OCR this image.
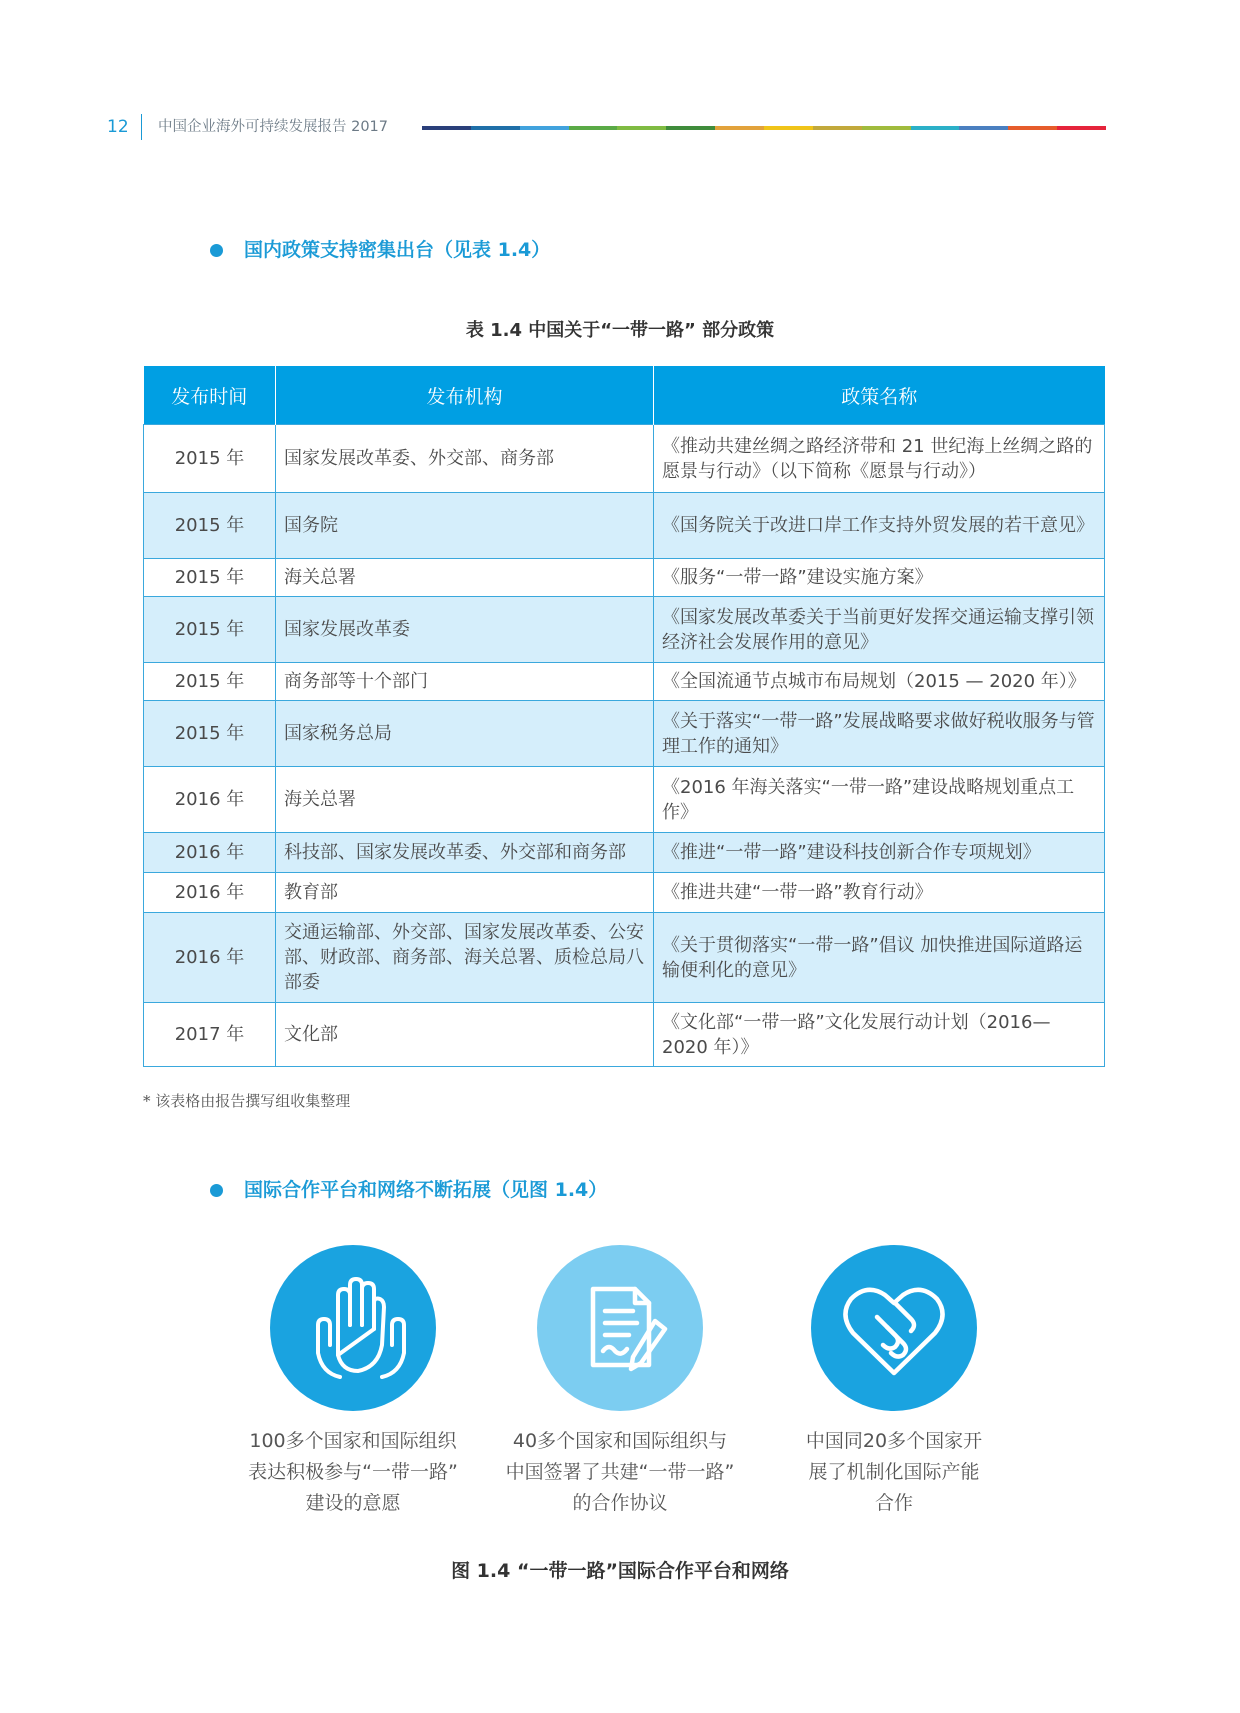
12 中国企业海外可持续发展报告 2017
国内政策支持密集出台（见表 1.4）
表 1.4 中国关于“一带一路” 部分政策
发布时间	发布机构	政策名称
2015 年	国家发展改革委、外交部、商务部	《推动共建丝绸之路经济带和 21 世纪海上丝绸之路的愿景与行动》（以下简称《愿景与行动》）
2015 年	国务院	《国务院关于改进口岸工作支持外贸发展的若干意见》
2015 年	海关总署	《服务“一带一路”建设实施方案》
2015 年	国家发展改革委	《国家发展改革委关于当前更好发挥交通运输支撑引领经济社会发展作用的意见》
2015 年	商务部等十个部门	《全国流通节点城市布局规划（2015 — 2020 年）》
2015 年	国家税务总局	《关于落实“一带一路”发展战略要求做好税收服务与管理工作的通知》
2016 年	海关总署	《2016 年海关落实“一带一路”建设战略规划重点工作》
2016 年	科技部、国家发展改革委、外交部和商务部	《推进“一带一路”建设科技创新合作专项规划》
2016 年	教育部	《推进共建“一带一路”教育行动》
2016 年	交通运输部、外交部、国家发展改革委、公安部、财政部、商务部、海关总署、质检总局八部委	《关于贯彻落实“一带一路”倡议 加快推进国际道路运输便利化的意见》
2017 年	文化部	《文化部“一带一路”文化发展行动计划（2016—2020 年）》
* 该表格由报告撰写组收集整理
国际合作平台和网络不断拓展（见图 1.4）
100多个国家和国际组织
表达积极参与“一带一路”
建设的意愿
40多个国家和国际组织与
中国签署了共建“一带一路”
的合作协议
中国同20多个国家开
展了机制化国际产能
合作
图 1.4 “一带一路”国际合作平台和网络
